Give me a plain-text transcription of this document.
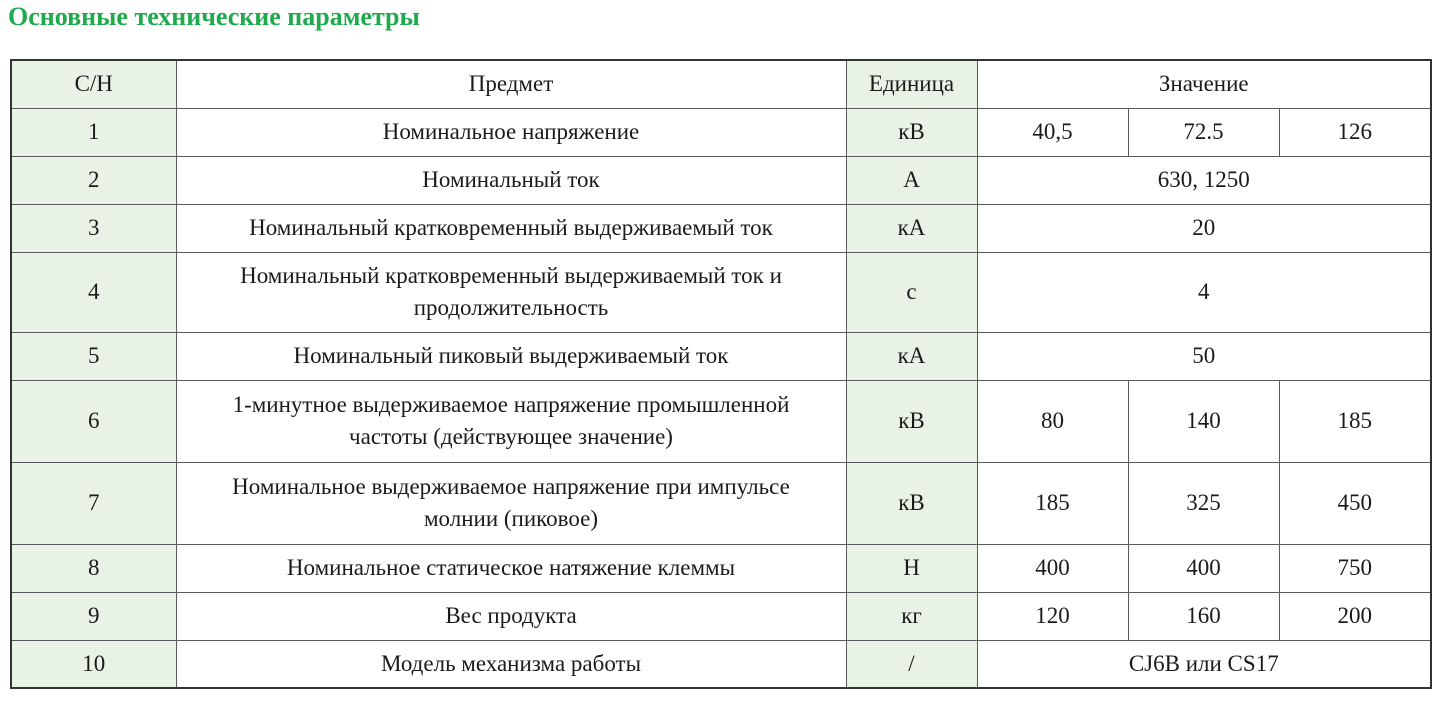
Основные технические параметры
С/Н	Предмет	Единица	Значение		
1	Номинальное напряжение	кВ	40,5	72.5	126
2	Номинальный ток	А	630, 1250		
3	Номинальный кратковременный выдерживаемый ток	кА	20		
4	Номинальный кратковременный выдерживаемый ток и
продолжительность	с	4		
5	Номинальный пиковый выдерживаемый ток	кА	50		
6	1-минутное выдерживаемое напряжение промышленной
частоты (действующее значение)	кВ	80	140	185
7	Номинальное выдерживаемое напряжение при импульсе
молнии (пиковое)	кВ	185	325	450
8	Номинальное статическое натяжение клеммы	Н	400	400	750
9	Вес продукта	кг	120	160	200
10	Модель механизма работы	/	CJ6B или CS17		
